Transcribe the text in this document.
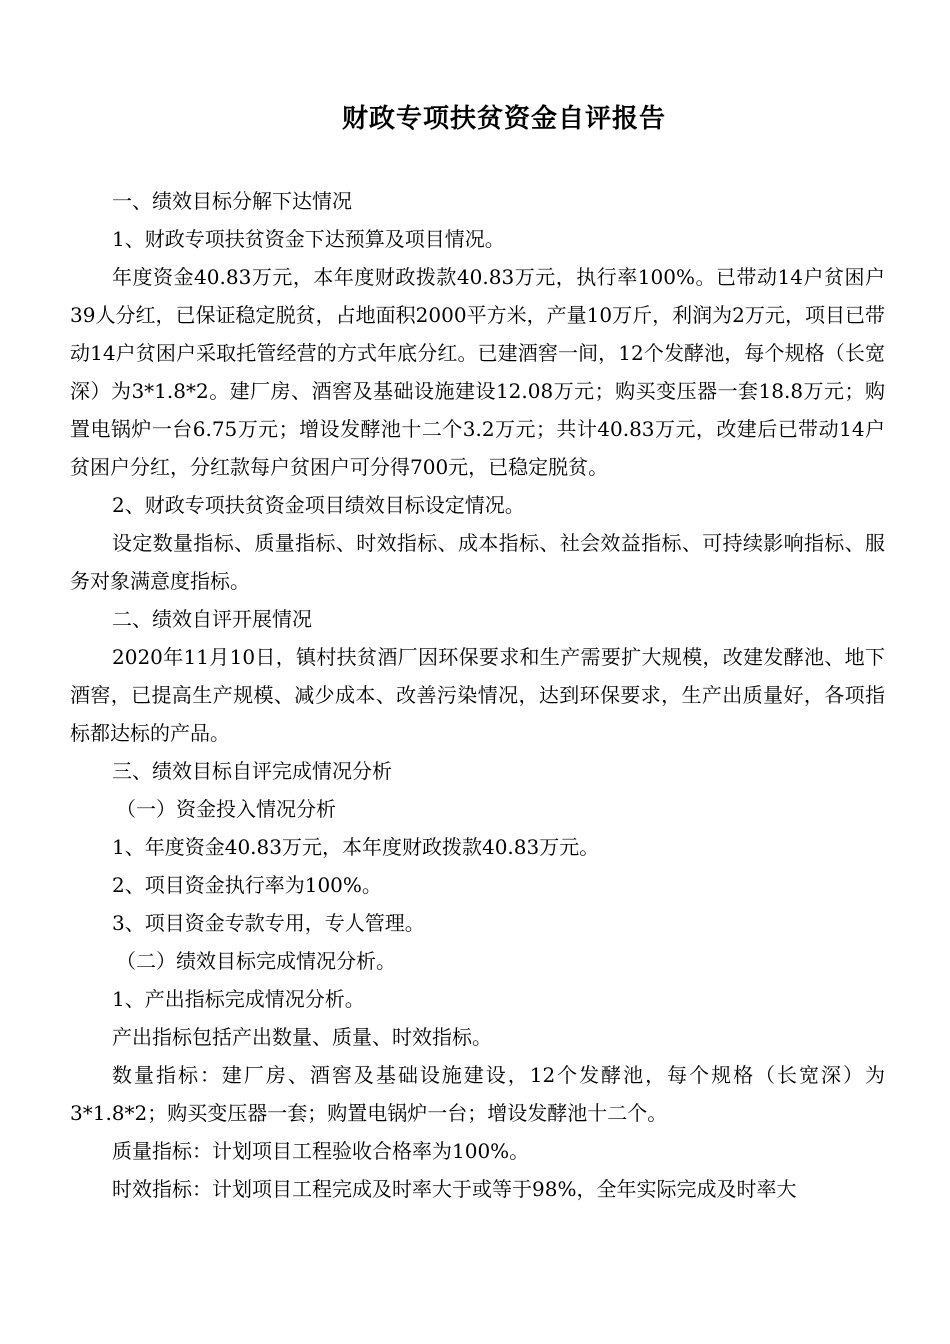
财政专项扶贫资金自评报告

一、绩效目标分解下达情况

1、财政专项扶贫资金下达预算及项目情况。

年度资金40.83万元，本年度财政拨款40.83万元，执行率100%。已带动14户贫困户39人分红，已保证稳定脱贫，占地面积2000平方米，产量10万斤，利润为2万元，项目已带动14户贫困户采取托管经营的方式年底分红。已建酒窖一间，12个发酵池，每个规格（长宽深）为3*1.8*2。建厂房、酒窖及基础设施建设12.08万元；购买变压器一套18.8万元；购置电锅炉一台6.75万元；增设发酵池十二个3.2万元；共计40.83万元，改建后已带动14户贫困户分红，分红款每户贫困户可分得700元，已稳定脱贫。

2、财政专项扶贫资金项目绩效目标设定情况。

设定数量指标、质量指标、时效指标、成本指标、社会效益指标、可持续影响指标、服务对象满意度指标。

二、绩效自评开展情况

2020年11月10日，镇村扶贫酒厂因环保要求和生产需要扩大规模，改建发酵池、地下酒窖，已提高生产规模、减少成本、改善污染情况，达到环保要求，生产出质量好，各项指标都达标的产品。

三、绩效目标自评完成情况分析

（一）资金投入情况分析

1、年度资金40.83万元，本年度财政拨款40.83万元。

2、项目资金执行率为100%。

3、项目资金专款专用，专人管理。

（二）绩效目标完成情况分析。

1、产出指标完成情况分析。

产出指标包括产出数量、质量、时效指标。

数量指标：建厂房、酒窖及基础设施建设，12个发酵池，每个规格（长宽深）为3*1.8*2；购买变压器一套；购置电锅炉一台；增设发酵池十二个。

质量指标：计划项目工程验收合格率为100%。

时效指标：计划项目工程完成及时率大于或等于98%，全年实际完成及时率大
